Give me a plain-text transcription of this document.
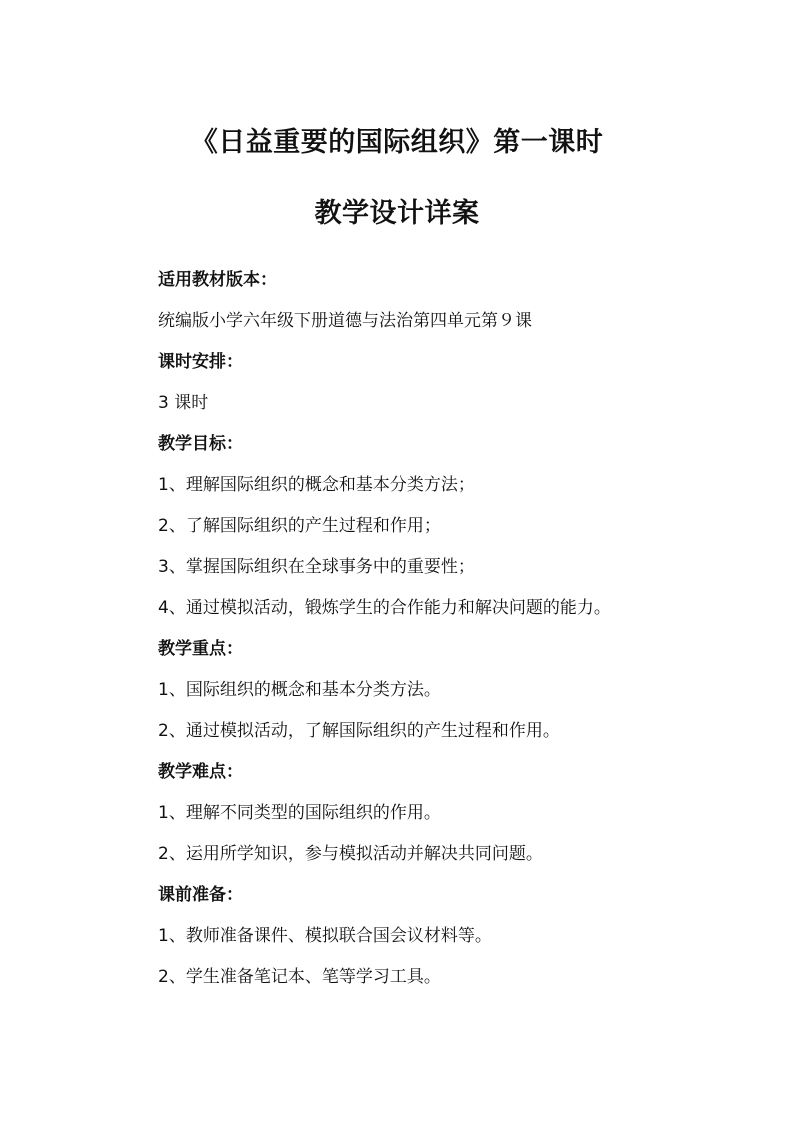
《日益重要的国际组织》第一课时
教学设计详案

适用教材版本：

统编版小学六年级下册道德与法治第四单元第９课

课时安排：

3 课时

教学目标：

1、理解国际组织的概念和基本分类方法；

2、了解国际组织的产生过程和作用；

3、掌握国际组织在全球事务中的重要性；

4、通过模拟活动，锻炼学生的合作能力和解决问题的能力。

教学重点：

1、国际组织的概念和基本分类方法。

2、通过模拟活动，了解国际组织的产生过程和作用。

教学难点：

1、理解不同类型的国际组织的作用。

2、运用所学知识，参与模拟活动并解决共同问题。

课前准备：

1、教师准备课件、模拟联合国会议材料等。

2、学生准备笔记本、笔等学习工具。
